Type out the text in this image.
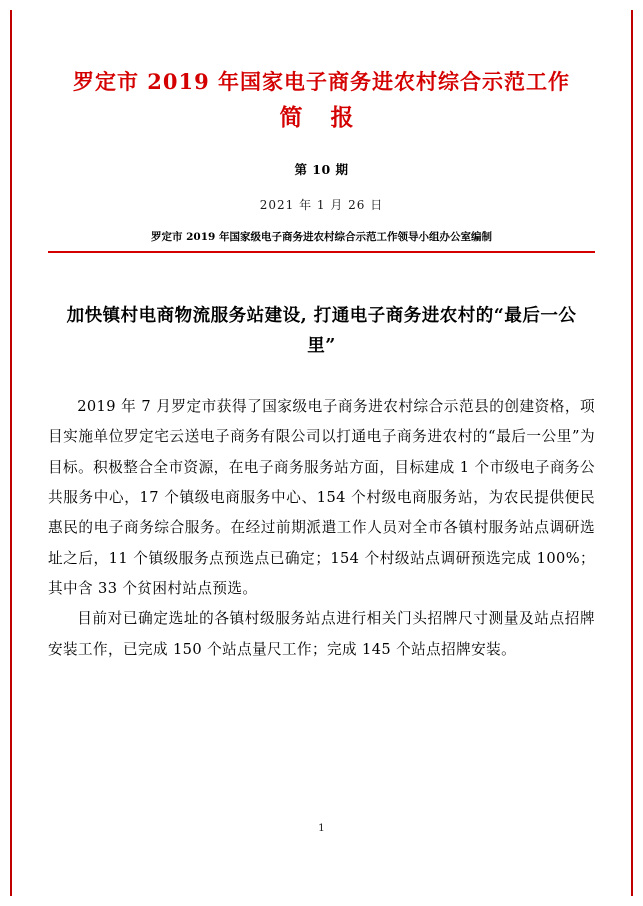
罗定市 2019 年国家电子商务进农村综合示范工作
简 报
第 10 期
2021 年 1 月 26 日
罗定市 2019 年国家级电子商务进农村综合示范工作领导小组办公室编制
加快镇村电商物流服务站建设, 打通电子商务进农村的“最后一公里”

2019 年 7 月罗定市获得了国家级电子商务进农村综合示范县的创建资格，项目实施单位罗定宅云送电子商务有限公司以打通电子商务进农村的“最后一公里”为目标。积极整合全市资源，在电子商务服务站方面，目标建成 1 个市级电子商务公共服务中心，17 个镇级电商服务中心、154 个村级电商服务站，为农民提供便民惠民的电子商务综合服务。在经过前期派遣工作人员对全市各镇村服务站点调研选址之后，11 个镇级服务点预选点已确定；154 个村级站点调研预选完成 100%；其中含 33 个贫困村站点预选。

目前对已确定选址的各镇村级服务站点进行相关门头招牌尺寸测量及站点招牌安装工作，已完成 150 个站点量尺工作；完成 145 个站点招牌安装。

1
